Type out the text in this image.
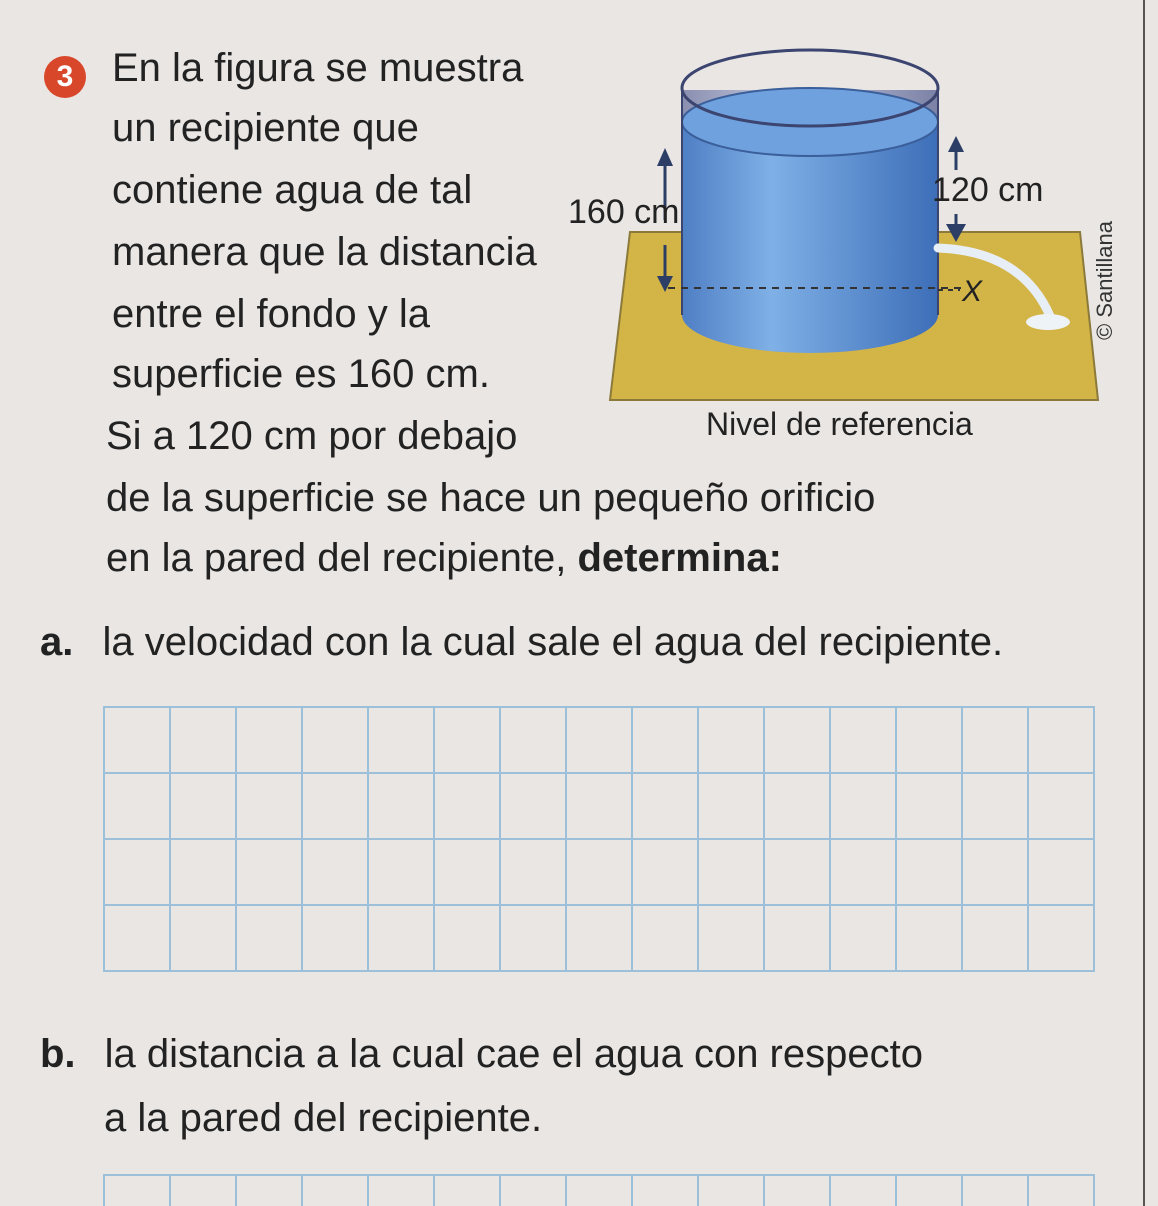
3 En la figura se muestra
un recipiente que
contiene agua de tal
manera que la distancia
entre el fondo y la
superficie es 160 cm.
Si a 120 cm por debajo
de la superficie se hace un pequeño orificio
en la pared del recipiente, determina:
160 cm
120 cm
X
Nivel de referencia
© Santillana
a. la velocidad con la cual sale el agua del recipiente.
b. la distancia a la cual cae el agua con respecto
a la pared del recipiente.
